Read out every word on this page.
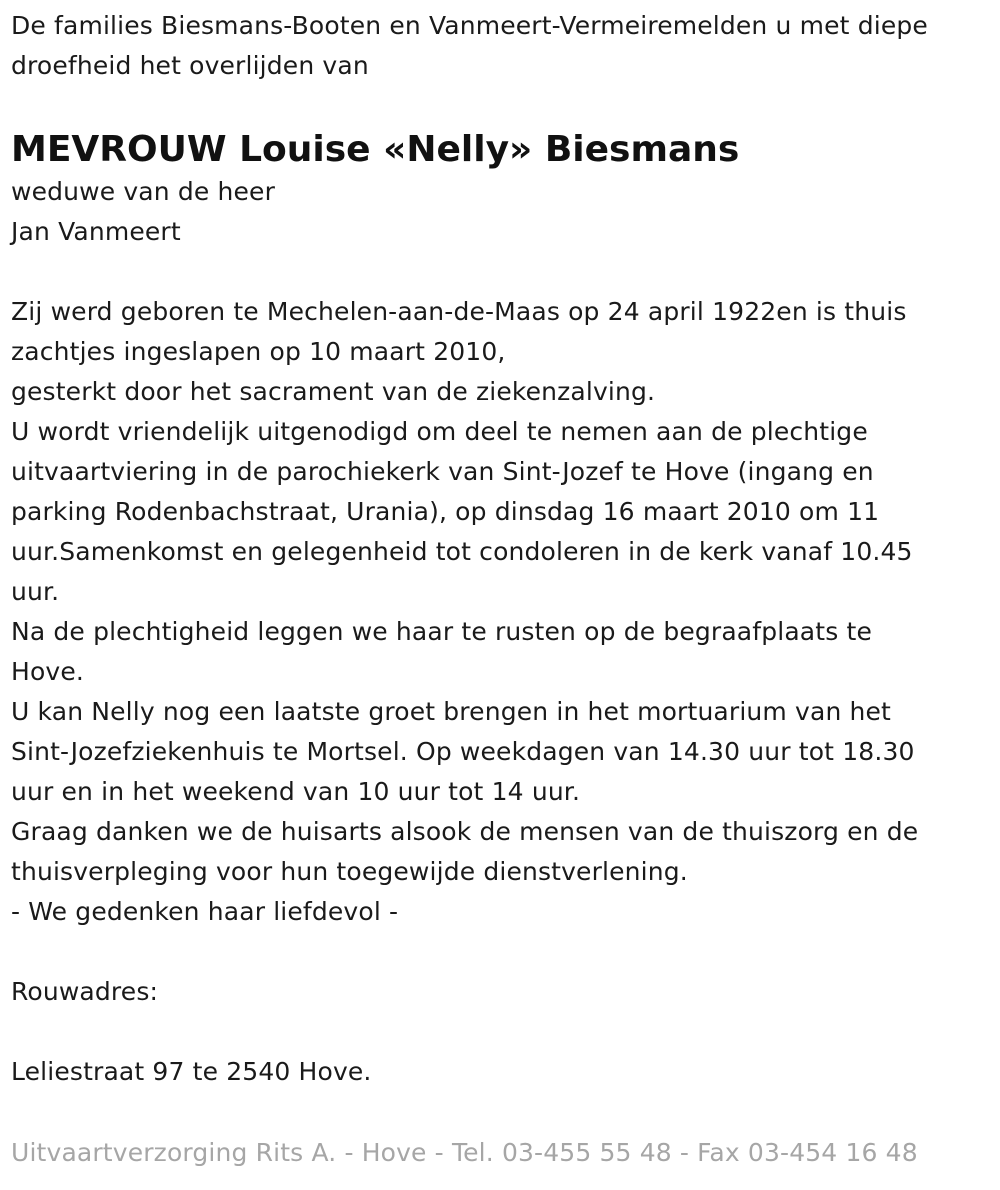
De families Biesmans-Booten en Vanmeert-Vermeiremelden u met diepe
droefheid het overlijden van
MEVROUW Louise «Nelly» Biesmans
weduwe van de heer
Jan Vanmeert
Zij werd geboren te Mechelen-aan-de-Maas op 24 april 1922en is thuis
zachtjes ingeslapen op 10 maart 2010,
gesterkt door het sacrament van de ziekenzalving.
U wordt vriendelijk uitgenodigd om deel te nemen aan de plechtige
uitvaartviering in de parochiekerk van Sint-Jozef te Hove (ingang en
parking Rodenbachstraat, Urania), op dinsdag 16 maart 2010 om 11
uur.Samenkomst en gelegenheid tot condoleren in de kerk vanaf 10.45
uur.
Na de plechtigheid leggen we haar te rusten op de begraafplaats te
Hove.
U kan Nelly nog een laatste groet brengen in het mortuarium van het
Sint-Jozefziekenhuis te Mortsel. Op weekdagen van 14.30 uur tot 18.30
uur en in het weekend van 10 uur tot 14 uur.
Graag danken we de huisarts alsook de mensen van de thuiszorg en de
thuisverpleging voor hun toegewijde dienstverlening.
- We gedenken haar liefdevol -
Rouwadres:
Leliestraat 97 te 2540 Hove.
Uitvaartverzorging Rits A. - Hove - Tel. 03-455 55 48 - Fax 03-454 16 48
